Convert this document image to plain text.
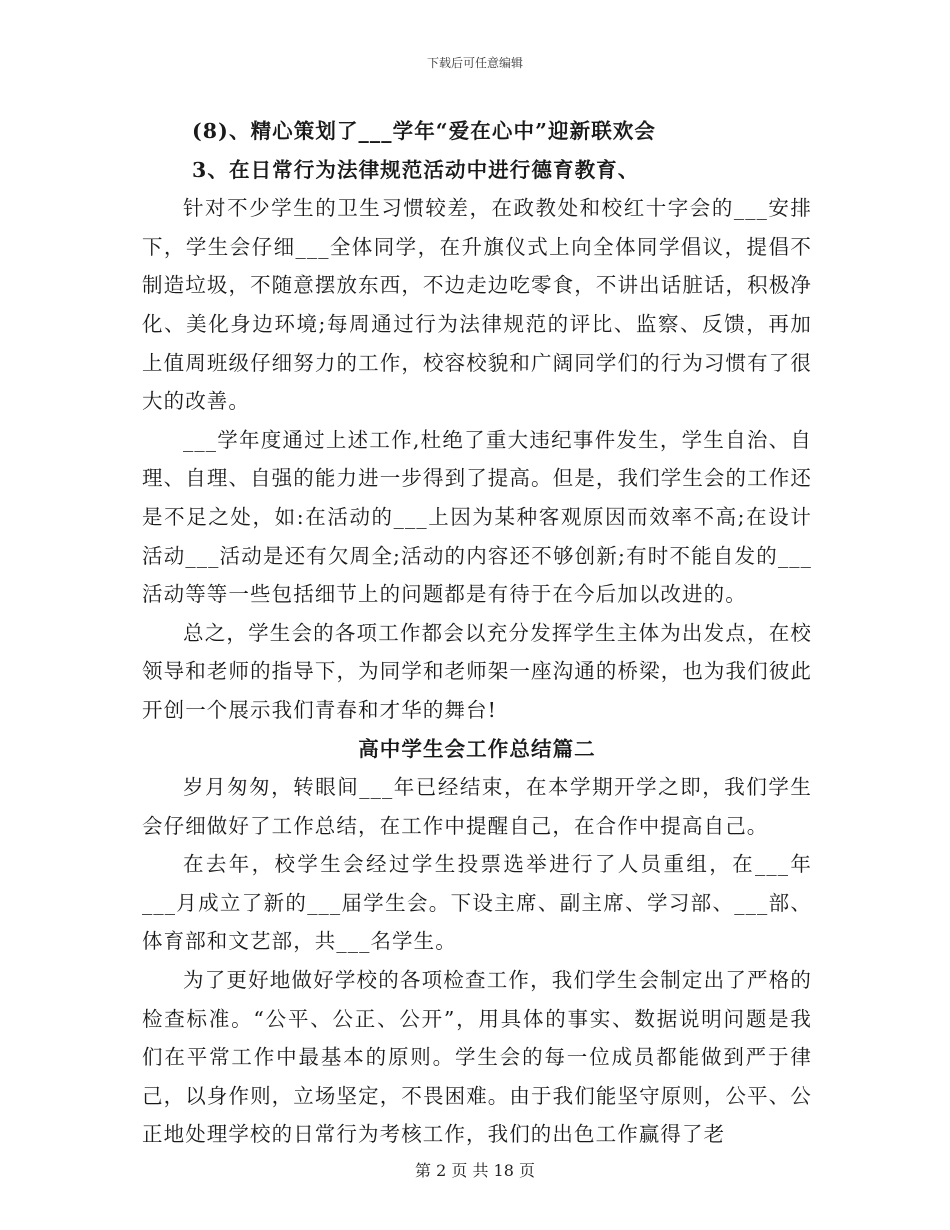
下载后可任意编辑

(8)、精心策划了___学年“爱在心中”迎新联欢会

3、在日常行为法律规范活动中进行德育教育、

针对不少学生的卫生习惯较差，在政教处和校红十字会的___安排下，学生会仔细___全体同学，在升旗仪式上向全体同学倡议，提倡不制造垃圾，不随意摆放东西，不边走边吃零食，不讲出话脏话，积极净化、美化身边环境;每周通过行为法律规范的评比、监察、反馈，再加上值周班级仔细努力的工作，校容校貌和广阔同学们的行为习惯有了很大的改善。

___学年度通过上述工作,杜绝了重大违纪事件发生，学生自治、自理、自理、自强的能力进一步得到了提高。但是，我们学生会的工作还是不足之处，如:在活动的___上因为某种客观原因而效率不高;在设计活动___活动是还有欠周全;活动的内容还不够创新;有时不能自发的___活动等等一些包括细节上的问题都是有待于在今后加以改进的。

总之，学生会的各项工作都会以充分发挥学生主体为出发点，在校领导和老师的指导下，为同学和老师架一座沟通的桥梁，也为我们彼此开创一个展示我们青春和才华的舞台!

高中学生会工作总结篇二

岁月匆匆，转眼间___年已经结束，在本学期开学之即，我们学生会仔细做好了工作总结，在工作中提醒自己，在合作中提高自己。

在去年，校学生会经过学生投票选举进行了人员重组，在___年___月成立了新的___届学生会。下设主席、副主席、学习部、___部、体育部和文艺部，共___名学生。

为了更好地做好学校的各项检查工作，我们学生会制定出了严格的检查标准。“公平、公正、公开”，用具体的事实、数据说明问题是我们在平常工作中最基本的原则。学生会的每一位成员都能做到严于律己，以身作则，立场坚定，不畏困难。由于我们能坚守原则，公平、公正地处理学校的日常行为考核工作，我们的出色工作赢得了老

第 2 页 共 18 页
